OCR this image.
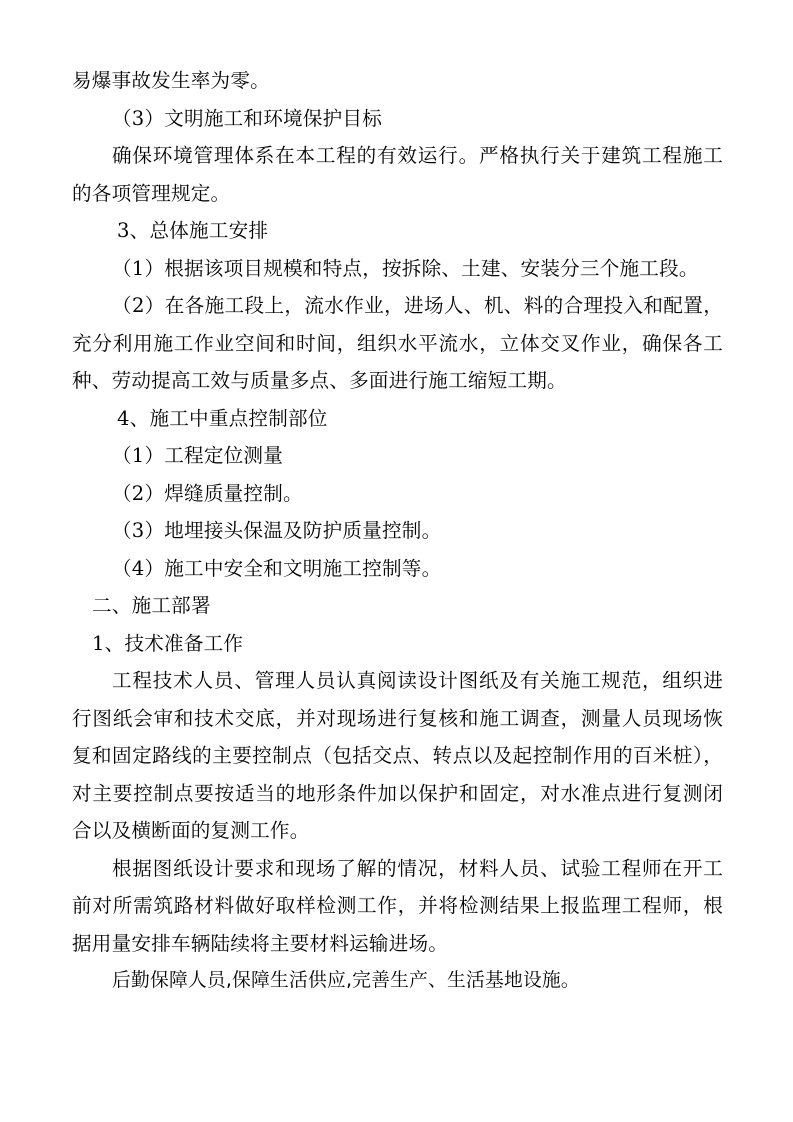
易爆事故发生率为零。

（3）文明施工和环境保护目标

确保环境管理体系在本工程的有效运行。严格执行关于建筑工程施工的各项管理规定。

3、总体施工安排

（1）根据该项目规模和特点，按拆除、土建、安装分三个施工段。

（2）在各施工段上，流水作业，进场人、机、料的合理投入和配置，充分利用施工作业空间和时间，组织水平流水，立体交叉作业，确保各工种、劳动提高工效与质量多点、多面进行施工缩短工期。

4、施工中重点控制部位

（1）工程定位测量

（2）焊缝质量控制。

（3）地埋接头保温及防护质量控制。

（4）施工中安全和文明施工控制等。

二、施工部署

1、技术准备工作

工程技术人员、管理人员认真阅读设计图纸及有关施工规范，组织进行图纸会审和技术交底，并对现场进行复核和施工调查，测量人员现场恢复和固定路线的主要控制点（包括交点、转点以及起控制作用的百米桩），对主要控制点要按适当的地形条件加以保护和固定，对水准点进行复测闭合以及横断面的复测工作。

根据图纸设计要求和现场了解的情况，材料人员、试验工程师在开工前对所需筑路材料做好取样检测工作，并将检测结果上报监理工程师，根据用量安排车辆陆续将主要材料运输进场。

后勤保障人员,保障生活供应,完善生产、生活基地设施。
